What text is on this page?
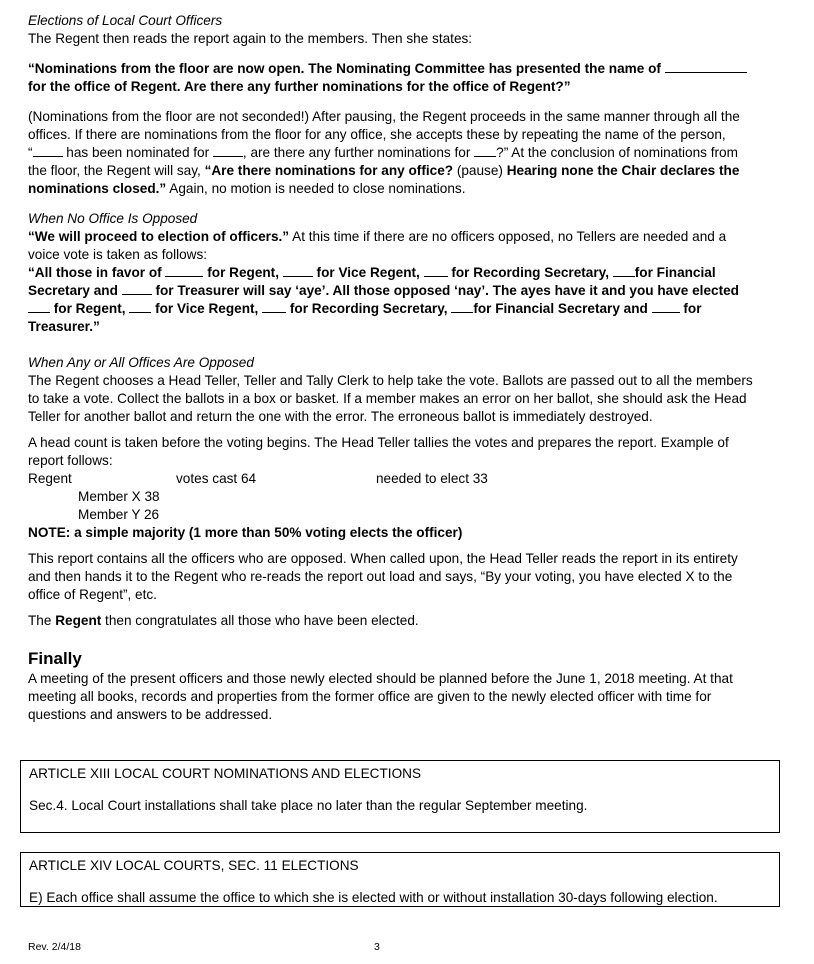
Elections of Local Court Officers

The Regent then reads the report again to the members. Then she states:

“Nominations from the floor are now open. The Nominating Committee has presented the name of
for the office of Regent. Are there any further nominations for the office of Regent?”

(Nominations from the floor are not seconded!) After pausing, the Regent proceeds in the same manner through all the
offices. If there are nominations from the floor for any office, she accepts these by repeating the name of the person,
“ has been nominated for , are there any further nominations for ?” At the conclusion of nominations from
the floor, the Regent will say, “Are there nominations for any office? (pause) Hearing none the Chair declares the
nominations closed.” Again, no motion is needed to close nominations.

When No Office Is Opposed

“We will proceed to election of officers.” At this time if there are no officers opposed, no Tellers are needed and a
voice vote is taken as follows:

“All those in favor of	for Regent,  for Vice Regent,  for Recording Secretary, for Financial
Secretary and  for Treasurer will say ‘aye’. All those opposed ‘nay’. The ayes have it and you have elected
for Regent,  for Vice Regent,  for Recording Secretary, for Financial Secretary and  for
Treasurer.”

When Any or All Offices Are Opposed

The Regent chooses a Head Teller, Teller and Tally Clerk to help take the vote. Ballots are passed out to all the members
to take a vote. Collect the ballots in a box or basket. If a member makes an error on her ballot, she should ask the Head
Teller for another ballot and return the one with the error. The erroneous ballot is immediately destroyed.

A head count is taken before the voting begins. The Head Teller tallies the votes and prepares the report. Example of
report follows:

Regent	votes cast 64	needed to elect 33

Member X 38

Member Y 26

NOTE: a simple majority (1 more than 50% voting elects the officer)

This report contains all the officers who are opposed. When called upon, the Head Teller reads the report in its entirety
and then hands it to the Regent who re-reads the report out load and says, “By your voting, you have elected X to the
office of Regent”, etc.

The Regent then congratulates all those who have been elected.

Finally

A meeting of the present officers and those newly elected should be planned before the June 1, 2018 meeting. At that
meeting all books, records and properties from the former office are given to the newly elected officer with time for
questions and answers to be addressed.

ARTICLE XIII LOCAL COURT NOMINATIONS AND ELECTIONS

Sec.4. Local Court installations shall take place no later than the regular September meeting.

ARTICLE XIV LOCAL COURTS, SEC. 11 ELECTIONS

E) Each office shall assume the office to which she is elected with or without installation 30-days following election.

Rev. 2/4/18	3
